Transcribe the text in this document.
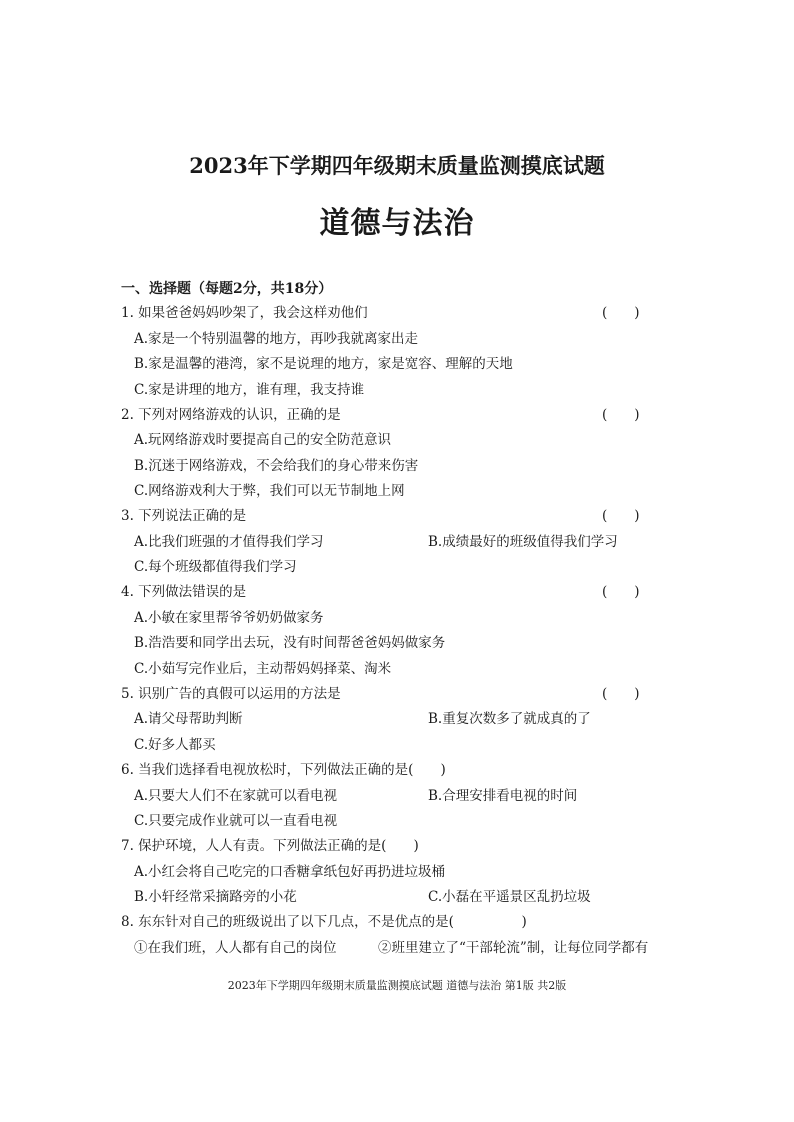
2023年下学期四年级期末质量监测摸底试题
道德与法治
一、选择题（每题2分，共18分）
1. 如果爸爸妈妈吵架了，我会这样劝他们	(　　)
A.家是一个特别温馨的地方，再吵我就离家出走
B.家是温馨的港湾，家不是说理的地方，家是宽容、理解的天地
C.家是讲理的地方，谁有理，我支持谁
2. 下列对网络游戏的认识，正确的是	(　　)
A.玩网络游戏时要提高自己的安全防范意识
B.沉迷于网络游戏，不会给我们的身心带来伤害
C.网络游戏利大于弊，我们可以无节制地上网
3. 下列说法正确的是	(　　)
A.比我们班强的才值得我们学习	B.成绩最好的班级值得我们学习
C.每个班级都值得我们学习
4. 下列做法错误的是	(　　)
A.小敏在家里帮爷爷奶奶做家务
B.浩浩要和同学出去玩，没有时间帮爸爸妈妈做家务
C.小茹写完作业后，主动帮妈妈择菜、淘米
5. 识别广告的真假可以运用的方法是	(　　)
A.请父母帮助判断	B.重复次数多了就成真的了
C.好多人都买
6. 当我们选择看电视放松时，下列做法正确的是(　　)
A.只要大人们不在家就可以看电视	B.合理安排看电视的时间
C.只要完成作业就可以一直看电视
7. 保护环境，人人有责。下列做法正确的是(　　)
A.小红会将自己吃完的口香糖拿纸包好再扔进垃圾桶
B.小轩经常采摘路旁的小花	C.小磊在平遥景区乱扔垃圾
8. 东东针对自己的班级说出了以下几点，不是优点的是(　　　　　)
①在我们班，人人都有自己的岗位	②班里建立了“干部轮流”制，让每位同学都有
2023年下学期四年级期末质量监测摸底试题 道德与法治 第1版 共2版
